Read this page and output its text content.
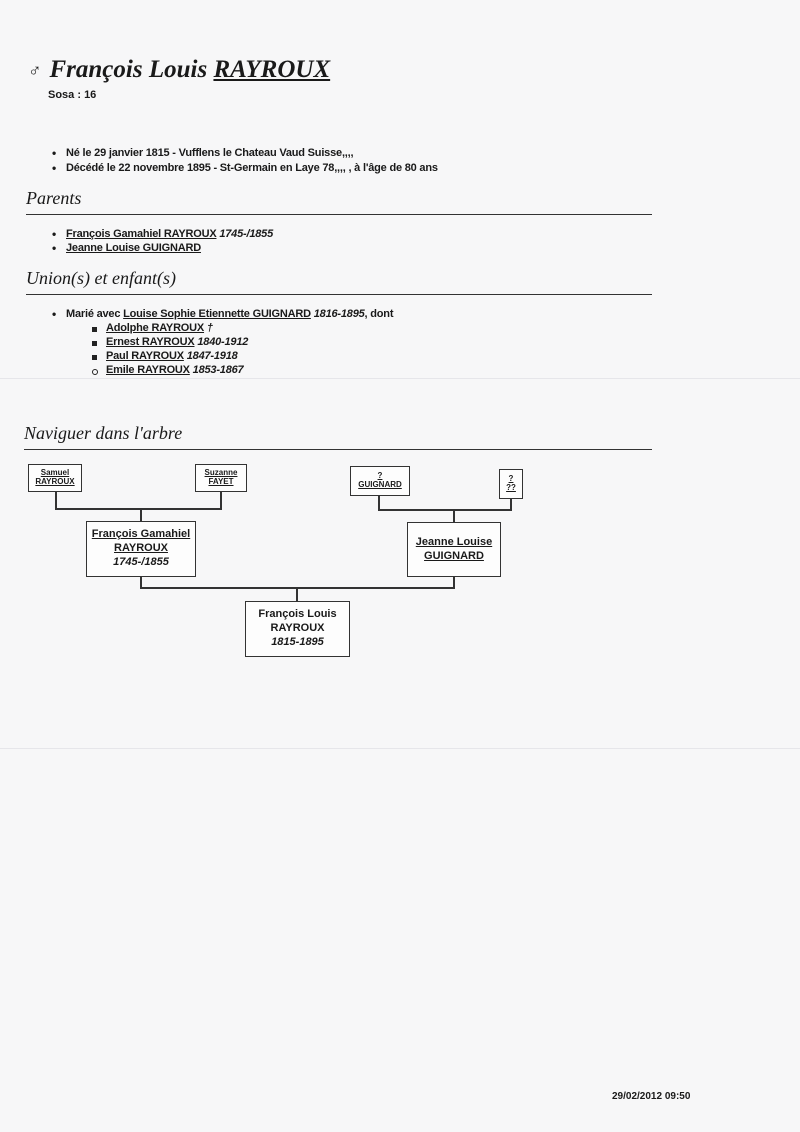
♂ François Louis RAYROUX
Sosa : 16
• Né le 29 janvier 1815 - Vufflens le Chateau Vaud Suisse,,,,
• Décédé le 22 novembre 1895 - St-Germain en Laye 78,,,, , à l'âge de 80 ans
Parents
• François Gamahiel RAYROUX 1745-/1855
• Jeanne Louise GUIGNARD
Union(s) et enfant(s)
• Marié avec Louise Sophie Etiennette GUIGNARD 1816-1895, dont
Adolphe RAYROUX †
Ernest RAYROUX 1840-1912
Paul RAYROUX 1847-1918
Emile RAYROUX 1853-1867
Naviguer dans l'arbre
Samuel
RAYROUX
Suzanne
FAYET
?
GUIGNARD
?
??
François Gamahiel
RAYROUX
1745-/1855
Jeanne Louise
GUIGNARD
François Louis
RAYROUX
1815-1895
29/02/2012 09:50
